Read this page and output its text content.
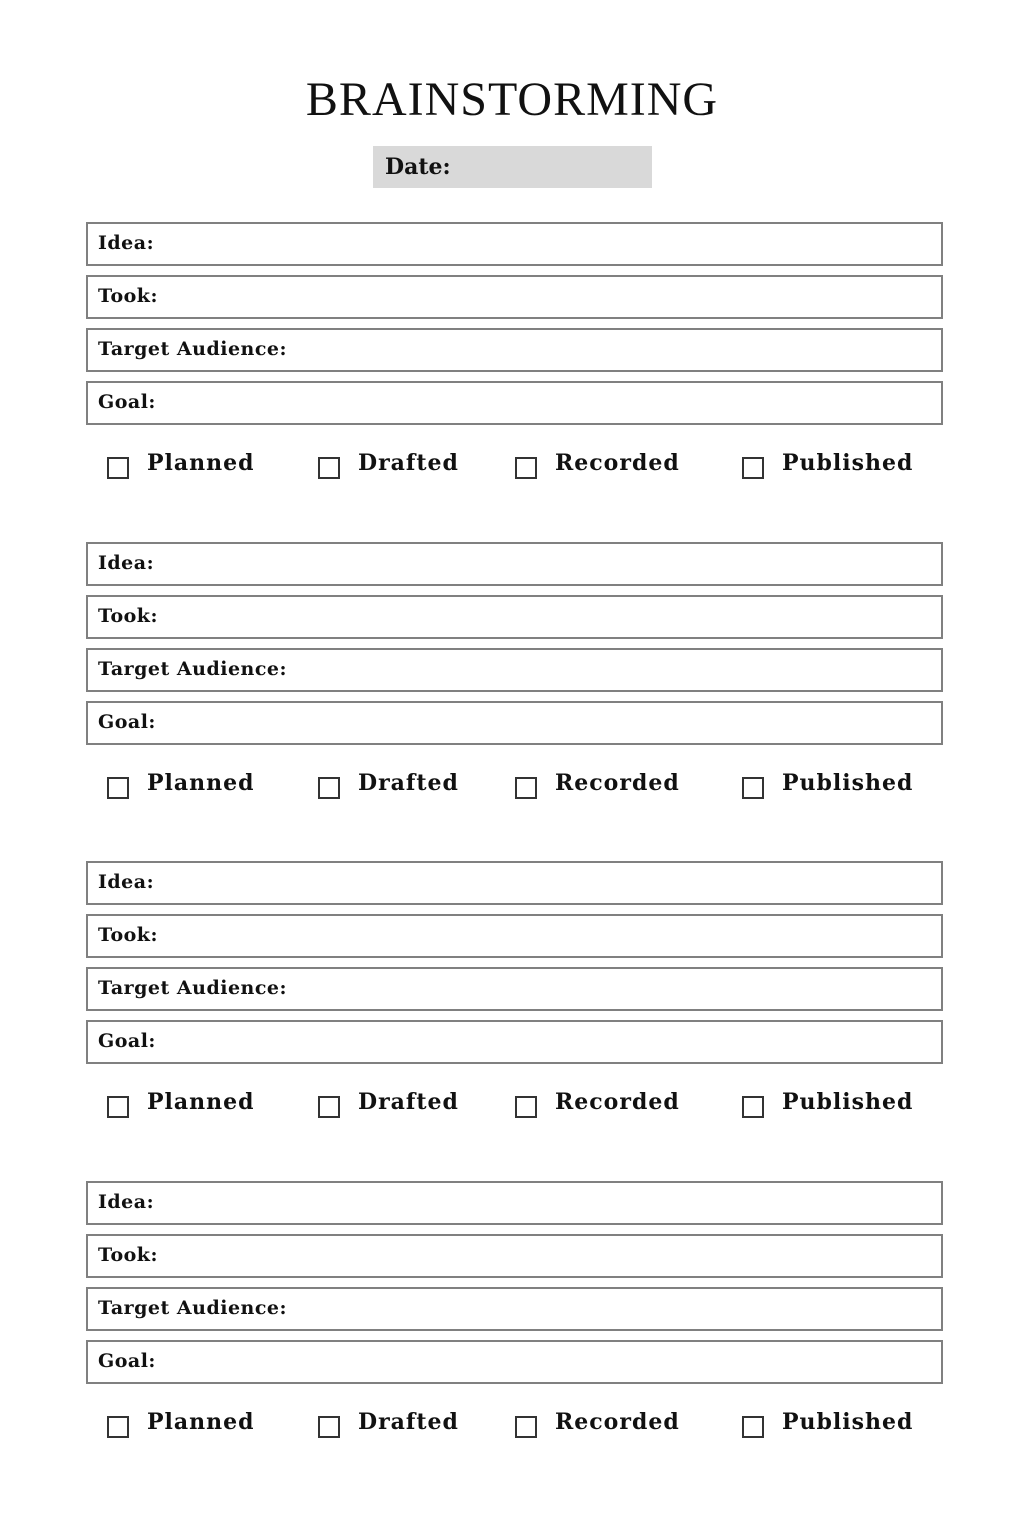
BRAINSTORMING
Date:
Idea:
Took:
Target Audience:
Goal:
Planned	Drafted	Recorded	Published
Idea:
Took:
Target Audience:
Goal:
Planned	Drafted	Recorded	Published
Idea:
Took:
Target Audience:
Goal:
Planned	Drafted	Recorded	Published
Idea:
Took:
Target Audience:
Goal:
Planned	Drafted	Recorded	Published
